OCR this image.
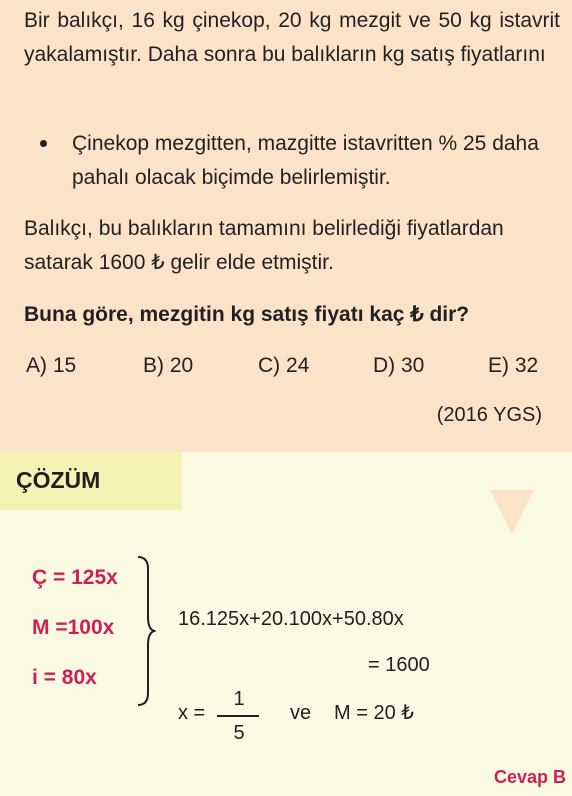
Bir balıkçı, 16 kg çinekop, 20 kg mezgit ve 50 kg istavrit yakalamıştır. Daha sonra bu balıkların kg satış fiyatlarını

Çinekop mezgitten, mazgitte istavritten % 25 daha pahalı olacak biçimde belirlemiştir.

Balıkçı, bu balıkların tamamını belirlediği fiyatlardan satarak 1600 ₺ gelir elde etmiştir.

Buna göre, mezgitin kg satış fiyatı kaç ₺ dir?

A) 15	B) 20	C) 24	D) 30	E) 32
(2016 YGS)
ÇÖZÜM
Ç = 125x
M =100x
i = 80x
16.125x+20.100x+50.80x
= 1600
x =
1
5
ve M = 20 ₺
Cevap B
